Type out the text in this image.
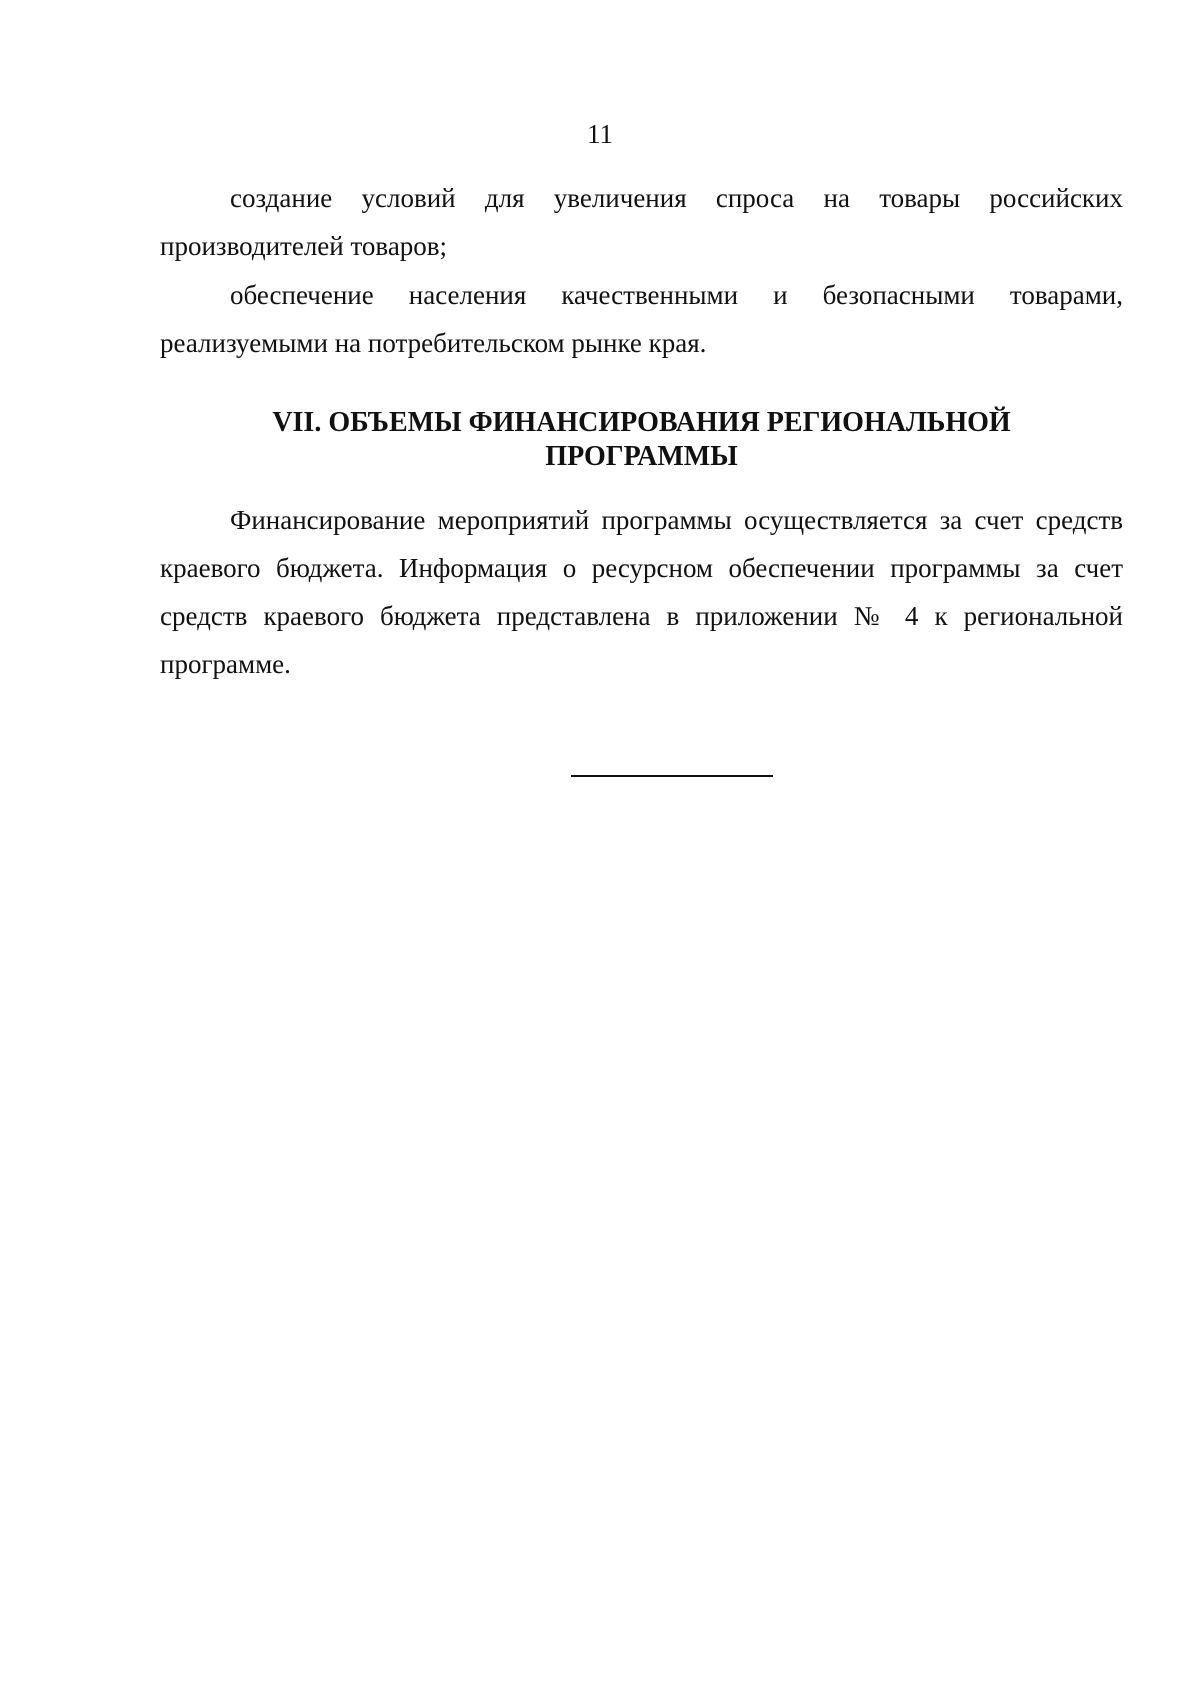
11

создание условий для увеличения спроса на товары российских производителей товаров;

обеспечение населения качественными и безопасными товарами, реализуемыми на потребительском рынке края.

VII. ОБЪЕМЫ ФИНАНСИРОВАНИЯ РЕГИОНАЛЬНОЙ
ПРОГРАММЫ

Финансирование мероприятий программы осуществляется за счет средств краевого бюджета. Информация о ресурсном обеспечении программы за счет средств краевого бюджета представлена в приложении № 4 к региональной программе.
